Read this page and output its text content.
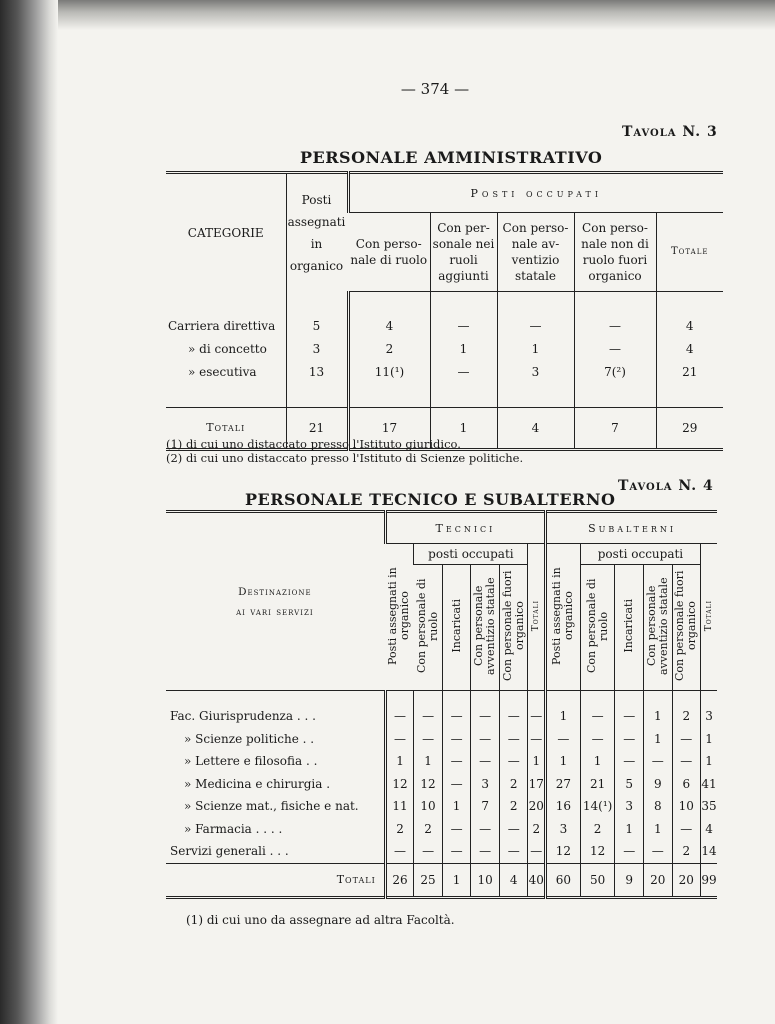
— 374 —
Tavola N. 3
PERSONALE AMMINISTRATIVO
CATEGORIE	Posti assegnati in organico	Posti occupati				
		Con perso-nale di ruolo	Con per-sonale nei ruoli aggiunti	Con perso-nale av-ventizio statale	Con perso-nale non di ruolo fuori organico	Totale

Carriera direttiva	5	4	—	—	—	4
» di concetto	3	2	1	1	—	4
» esecutiva	13	11(¹)	—	3	7(²)	21

Totali	21	17	1	4	7	29
(1) di cui uno distaccato presso l'Istituto giuridico.
(2) di cui uno distaccato presso l'Istituto di Scienze politiche.
Tavola N. 4
PERSONALE TECNICO E SUBALTERNO
Destinazione
ai vari servizi	Tecnici						Subalterni					
	Posti assegnati in organico	posti occupati				Totali	Posti assegnati in organico	posti occupati				Totali
		Con personale di ruolo	Incaricati	Con personale avventizio statale	Con personale fuori organico			Con personale di ruolo	Incaricati	Con personale avventizio statale	Con personale fuori organico	

Fac. Giurisprudenza . . .	—	—	—	—	—	—	1	—	—	1	2	3
» Scienze politiche . .	—	—	—	—	—	—	—	—	—	1	—	1
» Lettere e filosofia . .	1	1	—	—	—	1	1	1	—	—	—	1
» Medicina e chirurgia .	12	12	—	3	2	17	27	21	5	9	6	41
» Scienze mat., fisiche e nat.	11	10	1	7	2	20	16	14(¹)	3	8	10	35
» Farmacia . . . .	2	2	—	—	—	2	3	2	1	1	—	4
Servizi generali . . .	—	—	—	—	—	—	12	12	—	—	2	14
Totali	26	25	1	10	4	40	60	50	9	20	20	99
(1) di cui uno da assegnare ad altra Facoltà.
